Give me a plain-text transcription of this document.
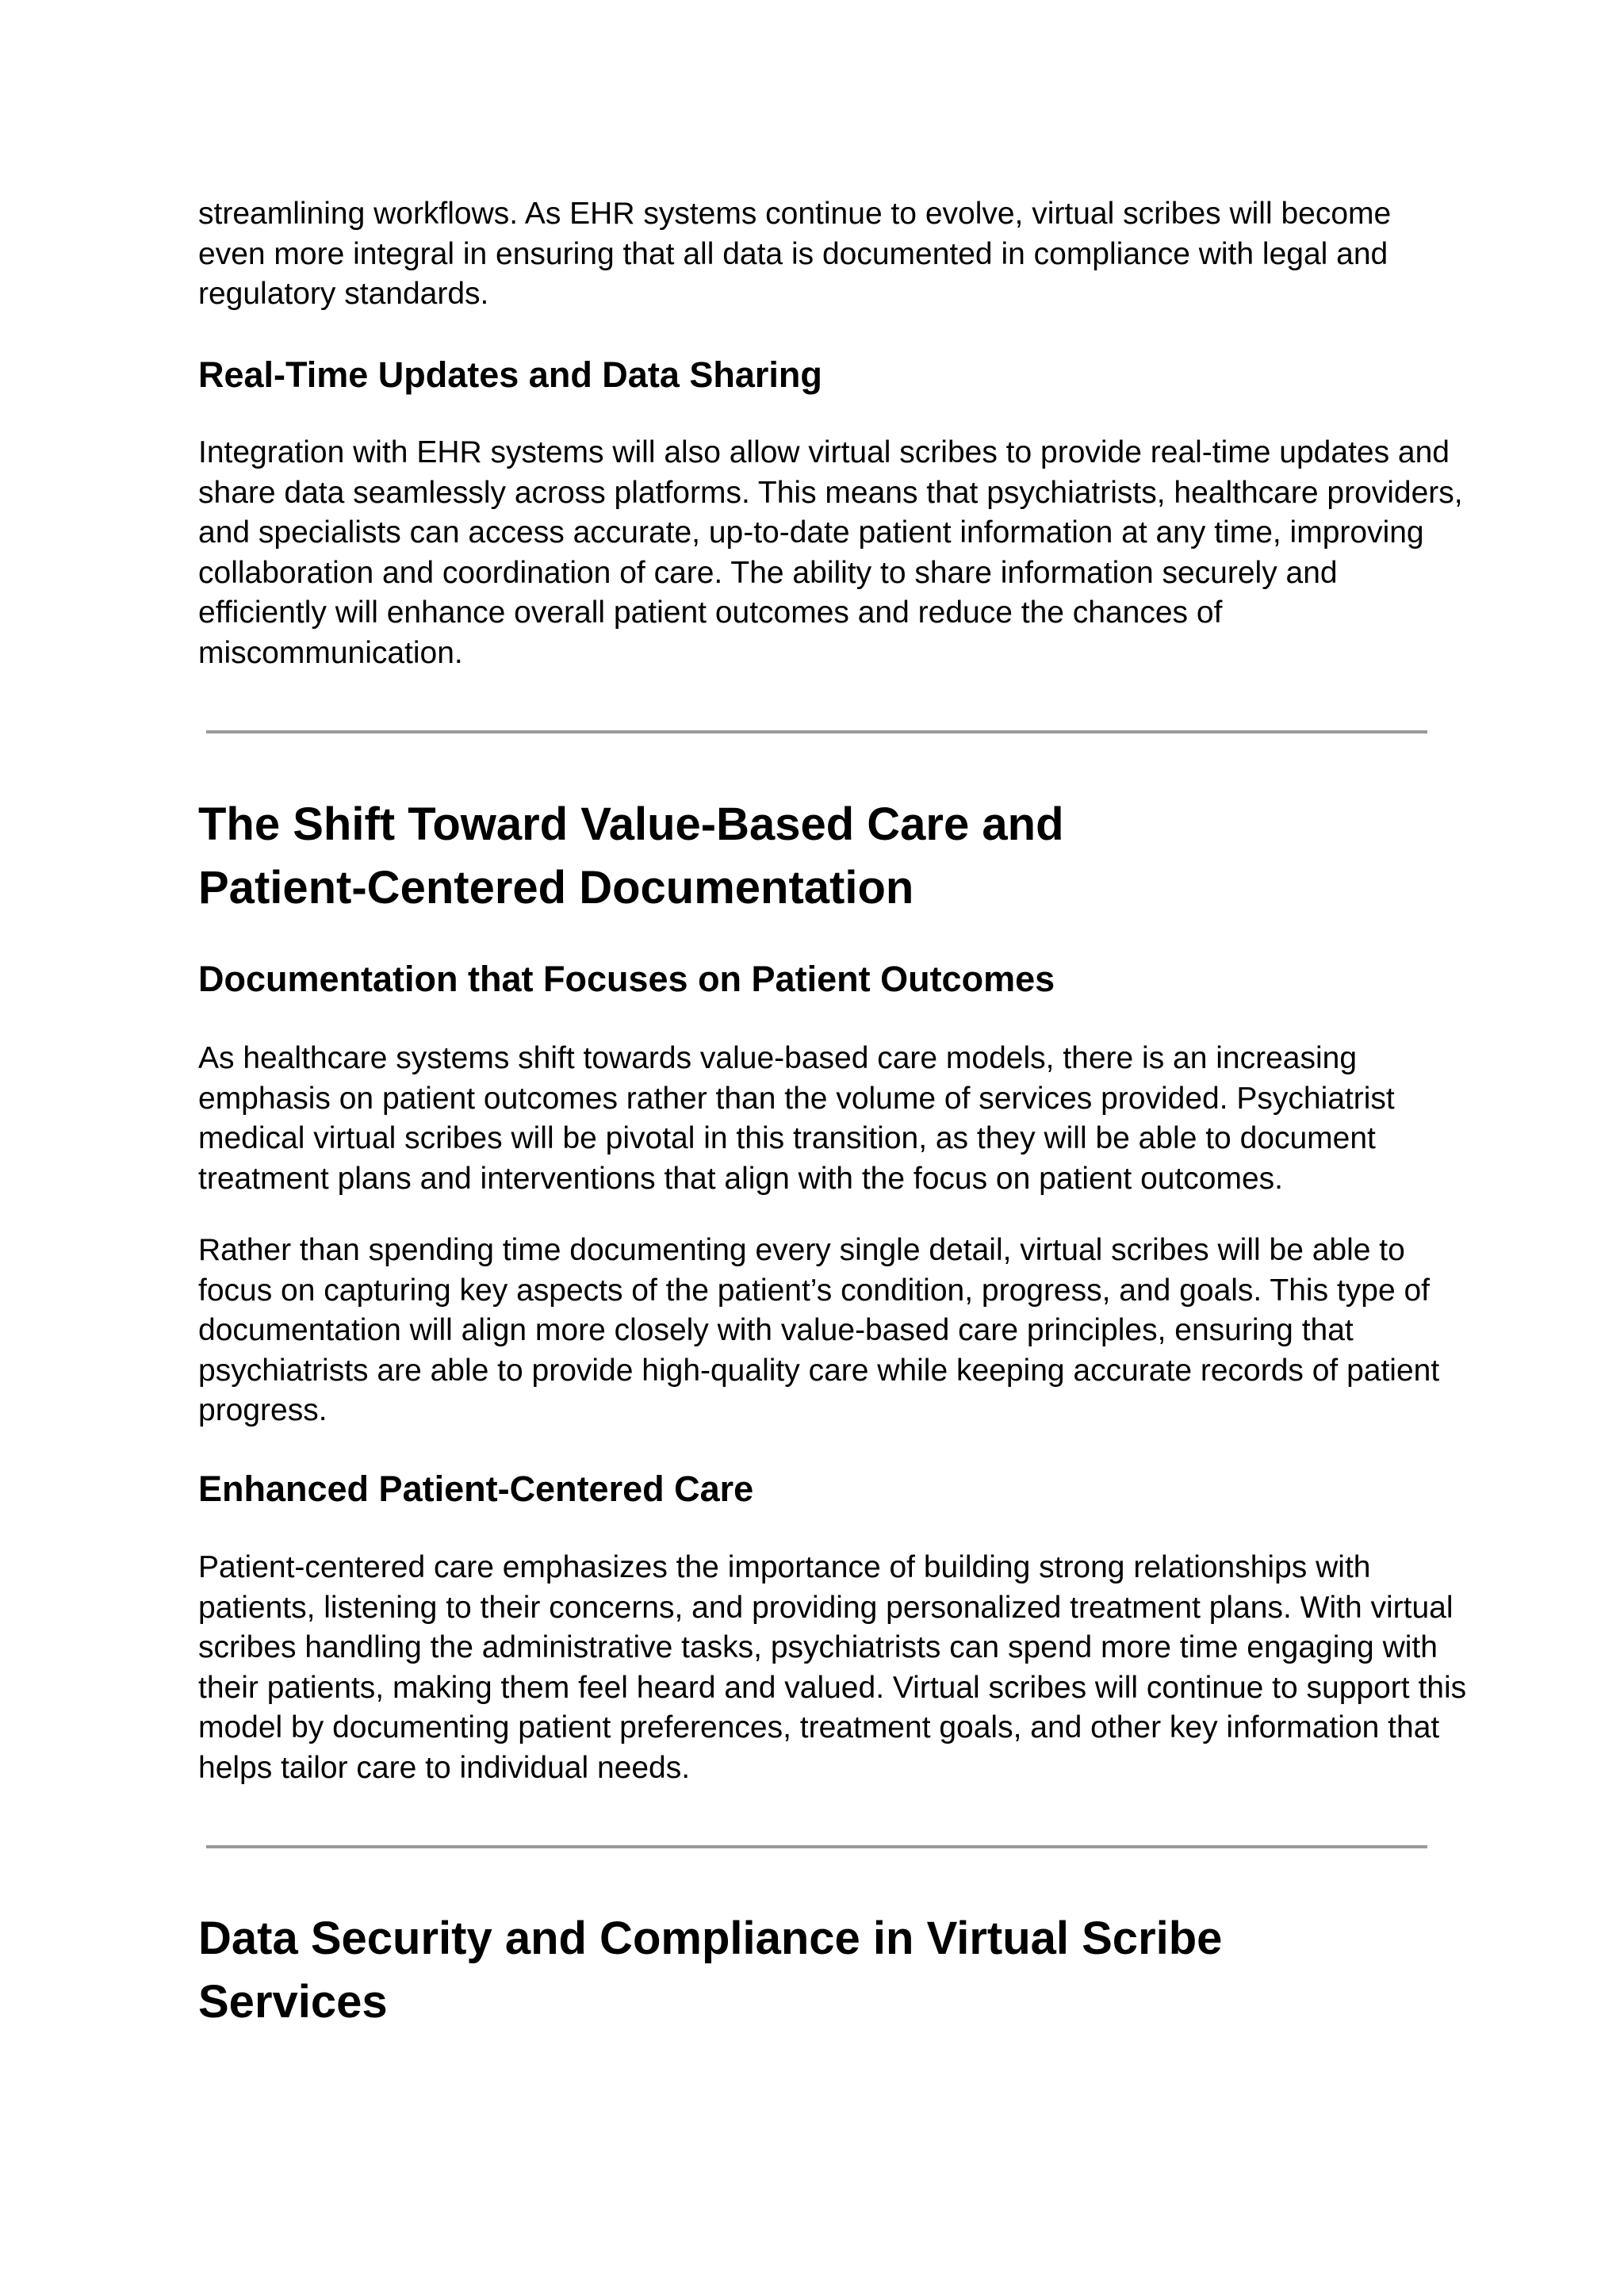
streamlining workflows. As EHR systems continue to evolve, virtual scribes will become
even more integral in ensuring that all data is documented in compliance with legal and
regulatory standards.
Real-Time Updates and Data Sharing
Integration with EHR systems will also allow virtual scribes to provide real-time updates and
share data seamlessly across platforms. This means that psychiatrists, healthcare providers,
and specialists can access accurate, up-to-date patient information at any time, improving
collaboration and coordination of care. The ability to share information securely and
efficiently will enhance overall patient outcomes and reduce the chances of
miscommunication.
The Shift Toward Value-Based Care and
Patient-Centered Documentation
Documentation that Focuses on Patient Outcomes
As healthcare systems shift towards value-based care models, there is an increasing
emphasis on patient outcomes rather than the volume of services provided. Psychiatrist
medical virtual scribes will be pivotal in this transition, as they will be able to document
treatment plans and interventions that align with the focus on patient outcomes.
Rather than spending time documenting every single detail, virtual scribes will be able to
focus on capturing key aspects of the patient’s condition, progress, and goals. This type of
documentation will align more closely with value-based care principles, ensuring that
psychiatrists are able to provide high-quality care while keeping accurate records of patient
progress.
Enhanced Patient-Centered Care
Patient-centered care emphasizes the importance of building strong relationships with
patients, listening to their concerns, and providing personalized treatment plans. With virtual
scribes handling the administrative tasks, psychiatrists can spend more time engaging with
their patients, making them feel heard and valued. Virtual scribes will continue to support this
model by documenting patient preferences, treatment goals, and other key information that
helps tailor care to individual needs.
Data Security and Compliance in Virtual Scribe
Services
